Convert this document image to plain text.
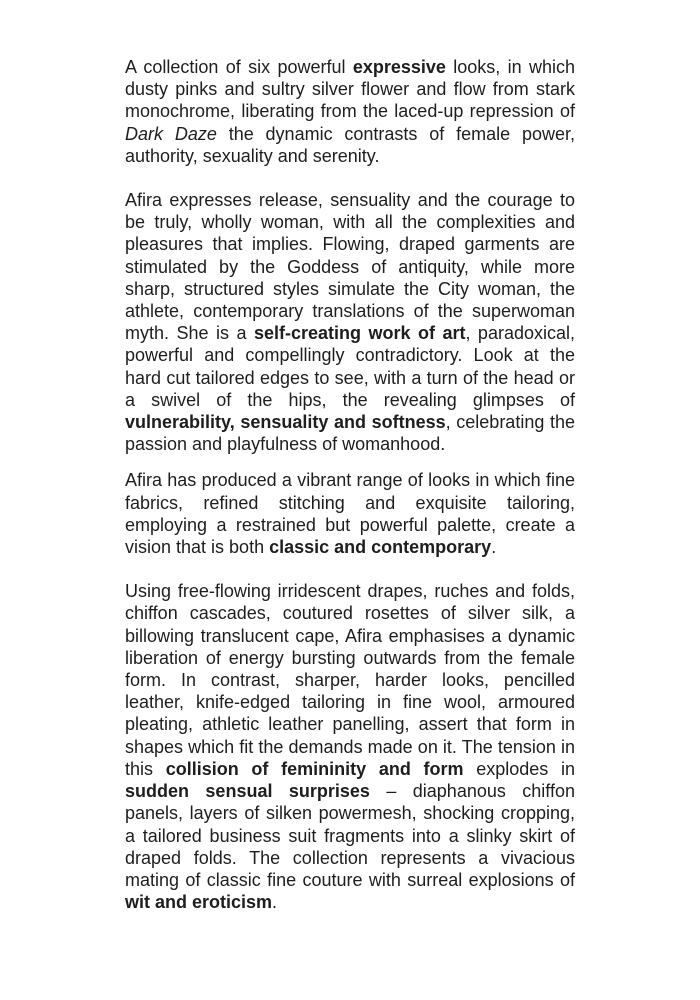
A collection of six powerful expressive looks, in which dusty pinks and sultry silver flower and flow from stark monochrome, liberating from the laced-up repression of Dark Daze the dynamic contrasts of female power, authority, sexuality and serenity.

Afira expresses release, sensuality and the courage to be truly, wholly woman, with all the complexities and pleasures that implies. Flowing, draped garments are stimulated by the Goddess of antiquity, while more sharp, structured styles simulate the City woman, the athlete, contemporary translations of the superwoman myth. She is a self-creating work of art, paradoxical, powerful and compellingly contradictory. Look at the hard cut tailored edges to see, with a turn of the head or a swivel of the hips, the revealing glimpses of vulnerability, sensuality and softness, celebrating the passion and playfulness of womanhood.

Afira has produced a vibrant range of looks in which fine fabrics, refined stitching and exquisite tailoring, employing a restrained but powerful palette, create a vision that is both classic and contemporary.

Using free-flowing irridescent drapes, ruches and folds, chiffon cascades, coutured rosettes of silver silk, a billowing translucent cape, Afira emphasises a dynamic liberation of energy bursting outwards from the female form. In contrast, sharper, harder looks, pencilled leather, knife-edged tailoring in fine wool, armoured pleating, athletic leather panelling, assert that form in shapes which fit the demands made on it. The tension in this collision of femininity and form explodes in sudden sensual surprises – diaphanous chiffon panels, layers of silken powermesh, shocking cropping, a tailored business suit fragments into a slinky skirt of draped folds. The collection represents a vivacious mating of classic fine couture with surreal explosions of wit and eroticism.
